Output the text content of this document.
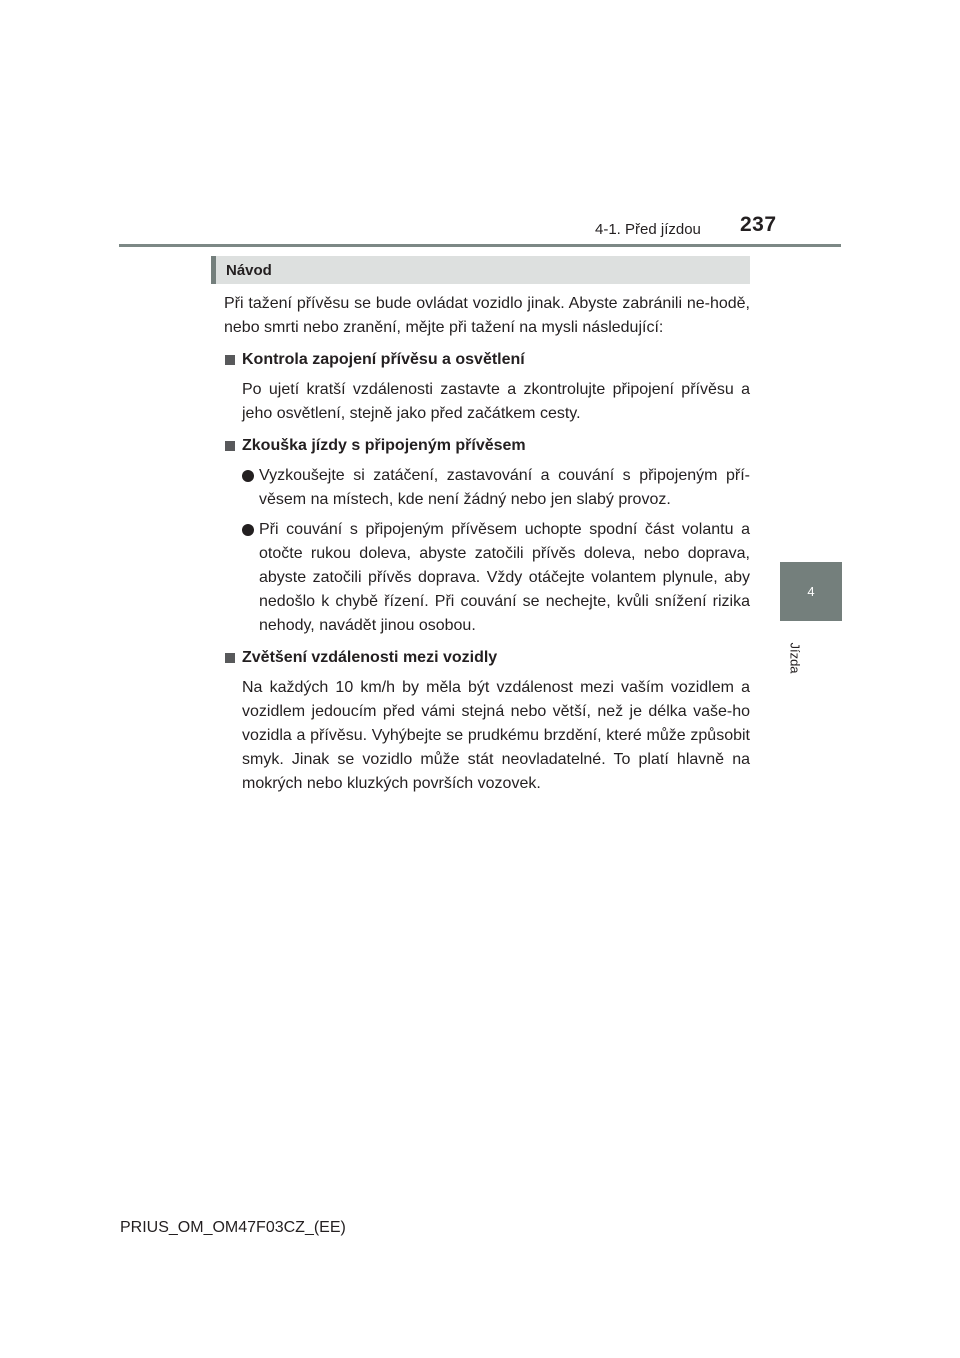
4-1. Před jízdou 237
4
Jízda
Návod

Při tažení přívěsu se bude ovládat vozidlo jinak. Abyste zabránili ne-hodě, nebo smrti nebo zranění, mějte při tažení na mysli následující:

Kontrola zapojení přívěsu a osvětlení

Po ujetí kratší vzdálenosti zastavte a zkontrolujte připojení přívěsu a jeho osvětlení, stejně jako před začátkem cesty.

Zkouška jízdy s připojeným přívěsem
Vyzkoušejte si zatáčení, zastavování a couvání s připojeným pří-věsem na místech, kde není žádný nebo jen slabý provoz.
Při couvání s připojeným přívěsem uchopte spodní část volantu a otočte rukou doleva, abyste zatočili přívěs doleva, nebo doprava, abyste zatočili přívěs doprava. Vždy otáčejte volantem plynule, aby nedošlo k chybě řízení. Při couvání se nechejte, kvůli snížení rizika nehody, navádět jinou osobou.
Zvětšení vzdálenosti mezi vozidly

Na každých 10 km/h by měla být vzdálenost mezi vaším vozidlem a vozidlem jedoucím před vámi stejná nebo větší, než je délka vaše-ho vozidla a přívěsu. Vyhýbejte se prudkému brzdění, které může způsobit smyk. Jinak se vozidlo může stát neovladatelné. To platí hlavně na mokrých nebo kluzkých površích vozovek.

PRIUS_OM_OM47F03CZ_(EE)
